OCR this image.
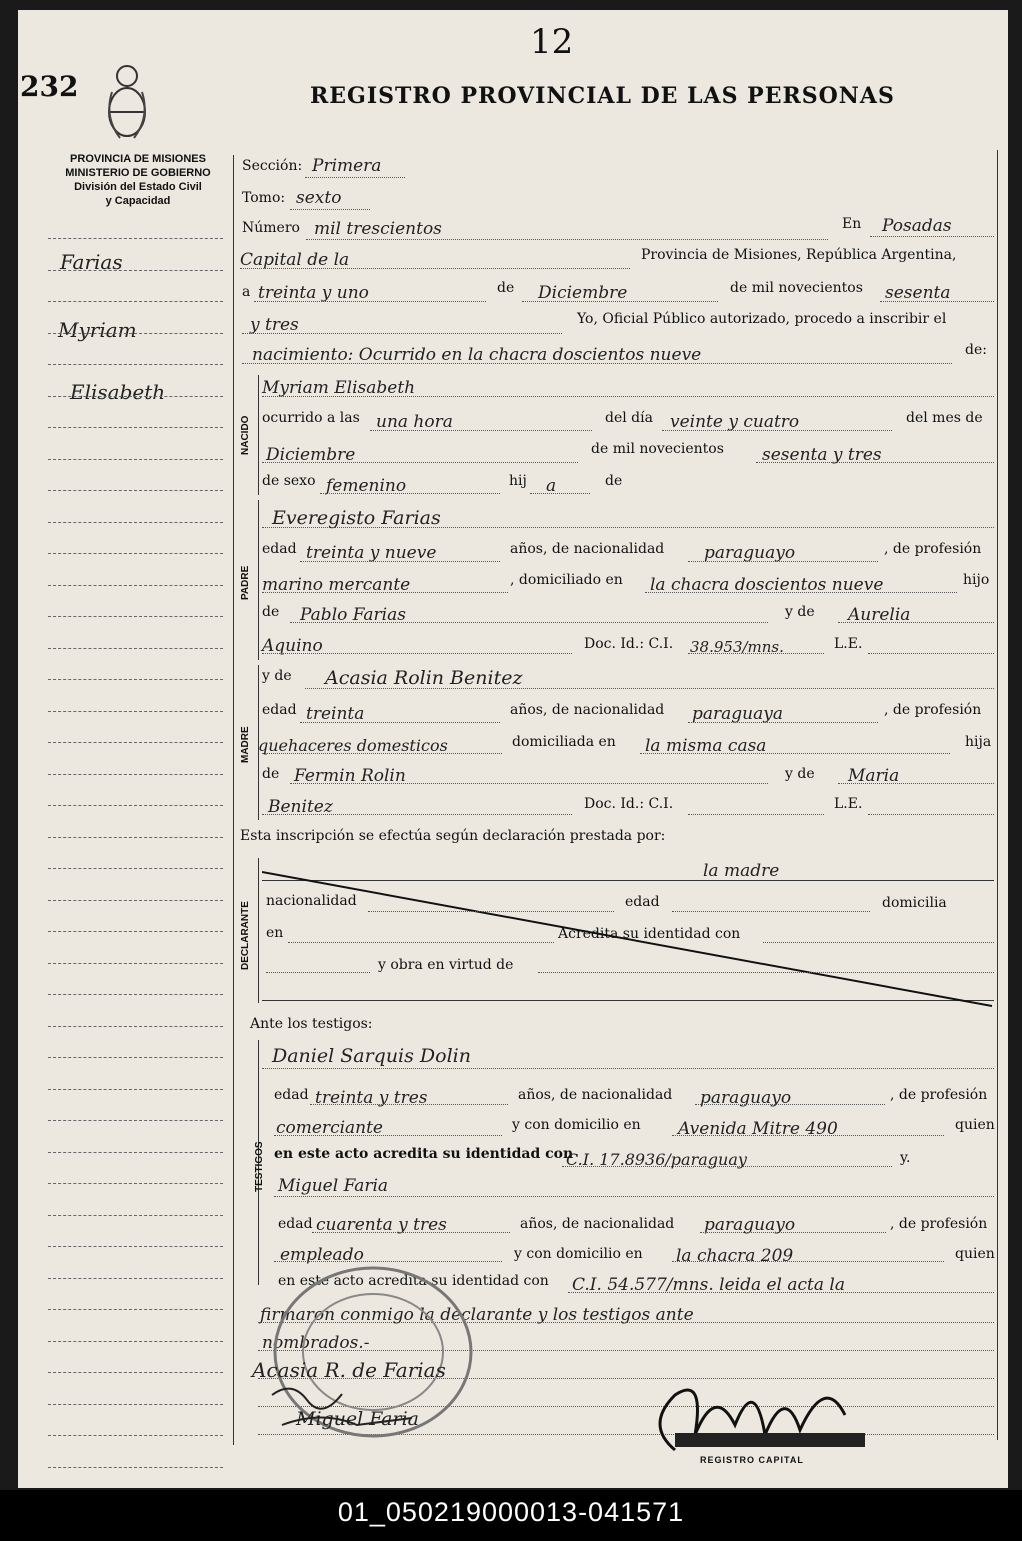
12
232	REGISTRO PROVINCIAL DE LAS PERSONAS
PROVINCIA DE MISIONES
MINISTERIO DE GOBIERNO
División del Estado Civil
y Capacidad
Farias
Myriam
Elisabeth
NACIDO
PADRE
MADRE
DECLARANTE
TESTIGOS
Sección: Primera
Tomo: sexto
Número mil trescientos	En Posadas
Capital de la	Provincia de Misiones, República Argentina,
a treinta y uno	de Diciembre	de mil novecientos sesenta
y tres	Yo, Oficial Público autorizado, procedo a inscribir el
nacimiento: Ocurrido en la chacra doscientos nueve	de:
Myriam Elisabeth
ocurrido a las una hora	del día veinte y cuatro	del mes de
Diciembre	de mil novecientos sesenta y tres
de sexo femenino	hij a	de
Everegisto Farias
edad treinta y nueve	años, de nacionalidad paraguayo	, de profesión
marino mercante	, domiciliado en la chacra doscientos nueve	hijo
de Pablo Farias	y de Aurelia
Aquino	Doc. Id.: C.I. 38.953/mns.	L.E.
y de Acasia Rolin Benitez
edad treinta	años, de nacionalidad paraguaya	, de profesión
quehaceres domesticos	domiciliada en la misma casa	hija
de Fermin Rolin	y de Maria
Benitez	Doc. Id.: C.I.	L.E.
Esta inscripción se efectúa según declaración prestada por:
la madre
nacionalidad	edad	domicilia
en	Acredita su identidad con
y obra en virtud de
Ante los testigos:
Daniel Sarquis Dolin
edad treinta y tres	años, de nacionalidad paraguayo	, de profesión
comerciante	y con domicilio en Avenida Mitre 490	quien
en este acto acredita su identidad con
C.I. 17.8936/paraguay	y.
Miguel Faria
edad cuarenta y tres	años, de nacionalidad paraguayo	, de profesión
empleado	y con domicilio en la chacra 209	quien
en este acto acredita su identidad con C.I. 54.577/mns. leida el acta la
firmaron conmigo la declarante y los testigos ante
nombrados.-
Acasia R. de Farias
Miguel Faria
REGISTRO CAPITAL
01_050219000013-041571
